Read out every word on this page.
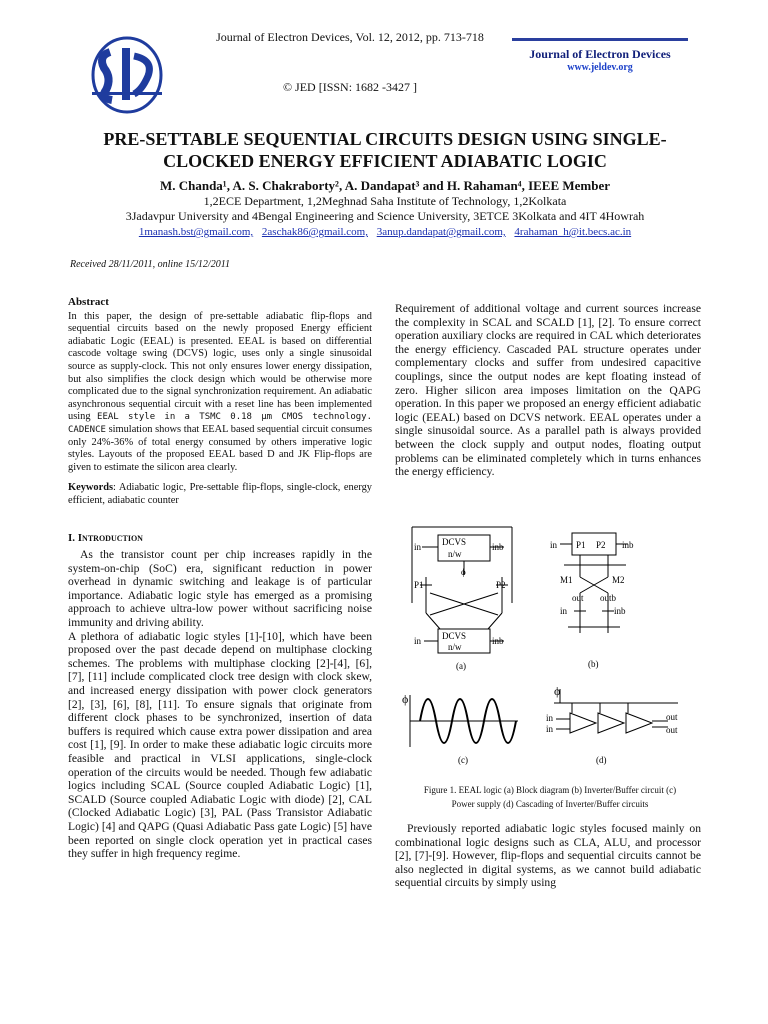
Journal of Electron Devices, Vol. 12, 2012, pp. 713-718
© JED [ISSN: 1682 -3427 ]
Journal of Electron Devices
www.jeldev.org
PRE-SETTABLE SEQUENTIAL CIRCUITS DESIGN USING SINGLE-
CLOCKED ENERGY EFFICIENT ADIABATIC LOGIC
M. Chanda¹, A. S. Chakraborty², A. Dandapat³ and H. Rahaman⁴, IEEE Member
1,2ECE Department, 1,2Meghnad Saha Institute of Technology, 1,2Kolkata
3Jadavpur University and 4Bengal Engineering and Science University, 3ETCE 3Kolkata and 4IT 4Howrah
1manash.bst@gmail.com, 2aschak86@gmail.com, 3anup.dandapat@gmail.com, 4rahaman_h@it.becs.ac.in
Received 28/11/2011, online 15/12/2011
Abstract
In this paper, the design of pre-settable adiabatic flip-flops and sequential circuits based on the newly proposed Energy efficient adiabatic Logic (EEAL) is presented. EEAL is based on differential cascode voltage swing (DCVS) logic, uses only a single sinusoidal source as supply-clock. This not only ensures lower energy dissipation, but also simplifies the clock design which would be otherwise more complicated due to the signal synchronization requirement. An adiabatic asynchronous sequential circuit with a reset line has been implemented using EEAL style in a TSMC 0.18 μm CMOS technology. CADENCE simulation shows that EEAL based sequential circuit consumes only 24%-36% of total energy consumed by others imperative logic styles. Layouts of the proposed EEAL based D and JK Flip-flops are given to estimate the silicon area clearly.
Keywords: Adiabatic logic, Pre-settable flip-flops, single-clock, energy efficient, adiabatic counter
I. Introduction
As the transistor count per chip increases rapidly in the system-on-chip (SoC) era, significant reduction in power overhead in dynamic switching and leakage is of particular importance. Adiabatic logic style has emerged as a promising approach to achieve ultra-low power without sacrificing noise immunity and driving ability.
A plethora of adiabatic logic styles [1]-[10], which have been proposed over the past decade depend on multiphase clocking schemes. The problems with multiphase clocking [2]-[4], [6], [7], [11] include complicated clock tree design with clock skew, and increased energy dissipation with power clock generators [2], [3], [6], [8], [11]. To ensure signals that originate from different clock phases to be synchronized, insertion of data buffers is required which cause extra power dissipation and area cost [1], [9]. In order to make these adiabatic logic circuits more feasible and practical in VLSI applications, single-clock operation of the circuits would be needed. Though few adiabatic logics including SCAL (Source coupled Adiabatic Logic) [1], SCALD (Source coupled Adiabatic Logic with diode) [2], CAL (Clocked Adiabatic Logic) [3], PAL (Pass Transistor Adiabatic Logic) [4] and QAPG (Quasi Adiabatic Pass gate Logic) [5] have been reported on single clock operation yet in practical cases they suffer in high frequency regime.
Requirement of additional voltage and current sources increase the complexity in SCAL and SCALD [1], [2]. To ensure correct operation auxiliary clocks are required in CAL which deteriorates the energy efficiency. Cascaded PAL structure operates under complementary clocks and suffer from undesired capacitive couplings, since the output nodes are kept floating instead of zero. Higher silicon area imposes limitation on the QAPG operation. In this paper we proposed an energy efficient adiabatic logic (EEAL) based on DCVS network. EEAL operates under a single sinusoidal source. As a parallel path is always provided between the clock supply and output nodes, floating output problems can be eliminated completely which in turns enhances the energy efficiency.
DCVS
n/w
DCVS
n/w
in	inb
in	inb
P1	P2
ϕ
(a)
P1 P2
in	inb
M1	M2
out outb
in	inb
(b)
ϕ
(c)
ϕ
in
in
out
out
(d)
Figure 1. EEAL logic (a) Block diagram (b) Inverter/Buffer circuit (c)
Power supply (d) Cascading of Inverter/Buffer circuits
Previously reported adiabatic logic styles focused mainly on combinational logic designs such as CLA, ALU, and processor [2], [7]-[9]. However, flip-flops and sequential circuits cannot be also neglected in digital systems, as we cannot build adiabatic sequential circuits by simply using
